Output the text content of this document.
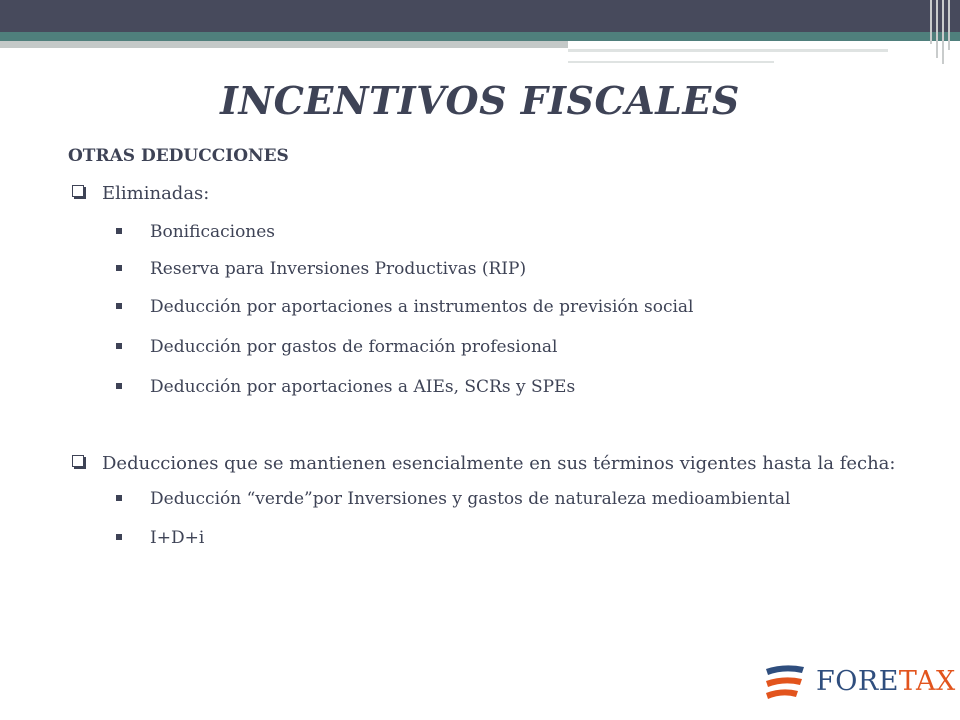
INCENTIVOS FISCALES
OTRAS DEDUCCIONES
Eliminadas:
Bonificaciones
Reserva para Inversiones Productivas (RIP)
Deducción por aportaciones a instrumentos de previsión social
Deducción por gastos de formación profesional
Deducción por aportaciones a AIEs, SCRs y SPEs
Deducciones que se mantienen esencialmente en sus términos vigentes hasta la fecha:
Deducción “verde”por Inversiones y gastos de naturaleza medioambiental
I+D+i
FORETAX
